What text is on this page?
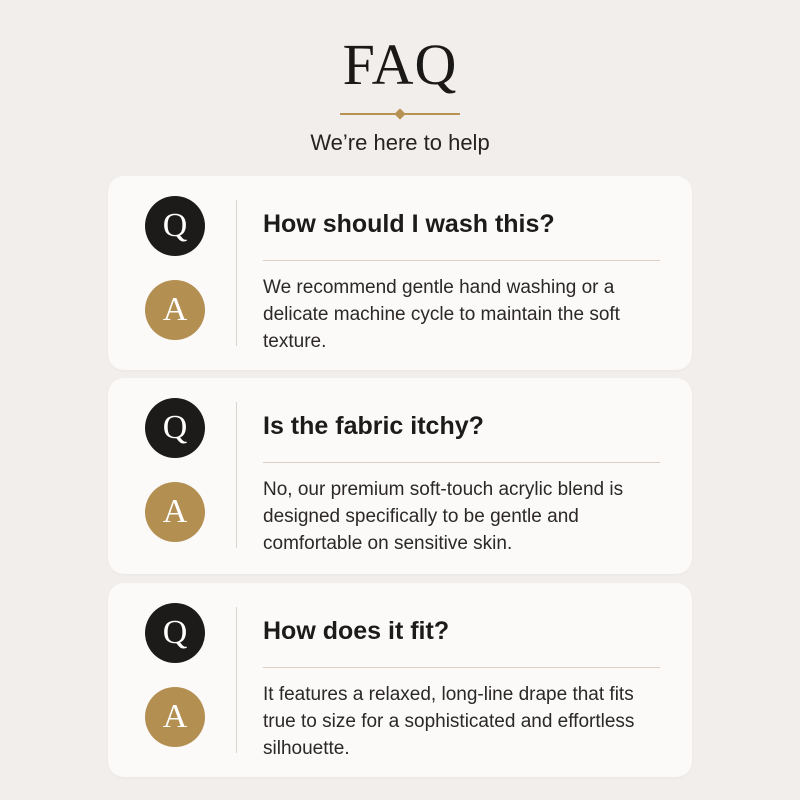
FAQ
We’re here to help
Q
A
How should I wash this?
We recommend gentle hand washing or a delicate machine cycle to maintain the soft texture.
Q
A
Is the fabric itchy?
No, our premium soft-touch acrylic blend is designed specifically to be gentle and comfortable on sensitive skin.
Q
A
How does it fit?
It features a relaxed, long-line drape that fits true to size for a sophisticated and effortless silhouette.
